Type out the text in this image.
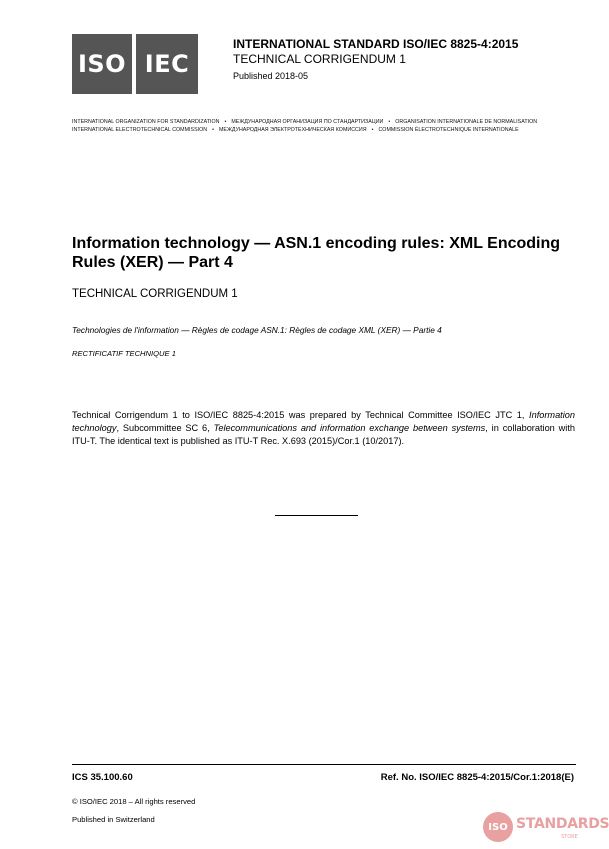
ISO IEC
INTERNATIONAL STANDARD ISO/IEC 8825-4:2015
TECHNICAL CORRIGENDUM 1
Published 2018-05
INTERNATIONAL ORGANIZATION FOR STANDARDIZATION • МЕЖДУНАРОДНАЯ ОРГАНИЗАЦИЯ ПО СТАНДАРТИЗАЦИИ • ORGANISATION INTERNATIONALE DE NORMALISATION
INTERNATIONAL ELECTROTECHNICAL COMMISSION • МЕЖДУНАРОДНАЯ ЭЛЕКТРОТЕХНИЧЕСКАЯ КОМИССИЯ • COMMISSION ÉLECTROTECHNIQUE INTERNATIONALE
Information technology — ASN.1 encoding rules: XML Encoding Rules (XER) — Part 4
TECHNICAL CORRIGENDUM 1
Technologies de l'information — Règles de codage ASN.1: Règles de codage XML (XER) — Partie 4
RECTIFICATIF TECHNIQUE 1
Technical Corrigendum 1 to ISO/IEC 8825-4:2015 was prepared by Technical Committee ISO/IEC JTC 1, Information technology, Subcommittee SC 6, Telecommunications and information exchange between systems, in collaboration with ITU-T. The identical text is published as ITU-T Rec. X.693 (2015)/Cor.1 (10/2017).
ICS 35.100.60	Ref. No. ISO/IEC 8825-4:2015/Cor.1:2018(E)
© ISO/IEC 2018 – All rights reserved
Published in Switzerland
ISO STANDARDS
STORE
